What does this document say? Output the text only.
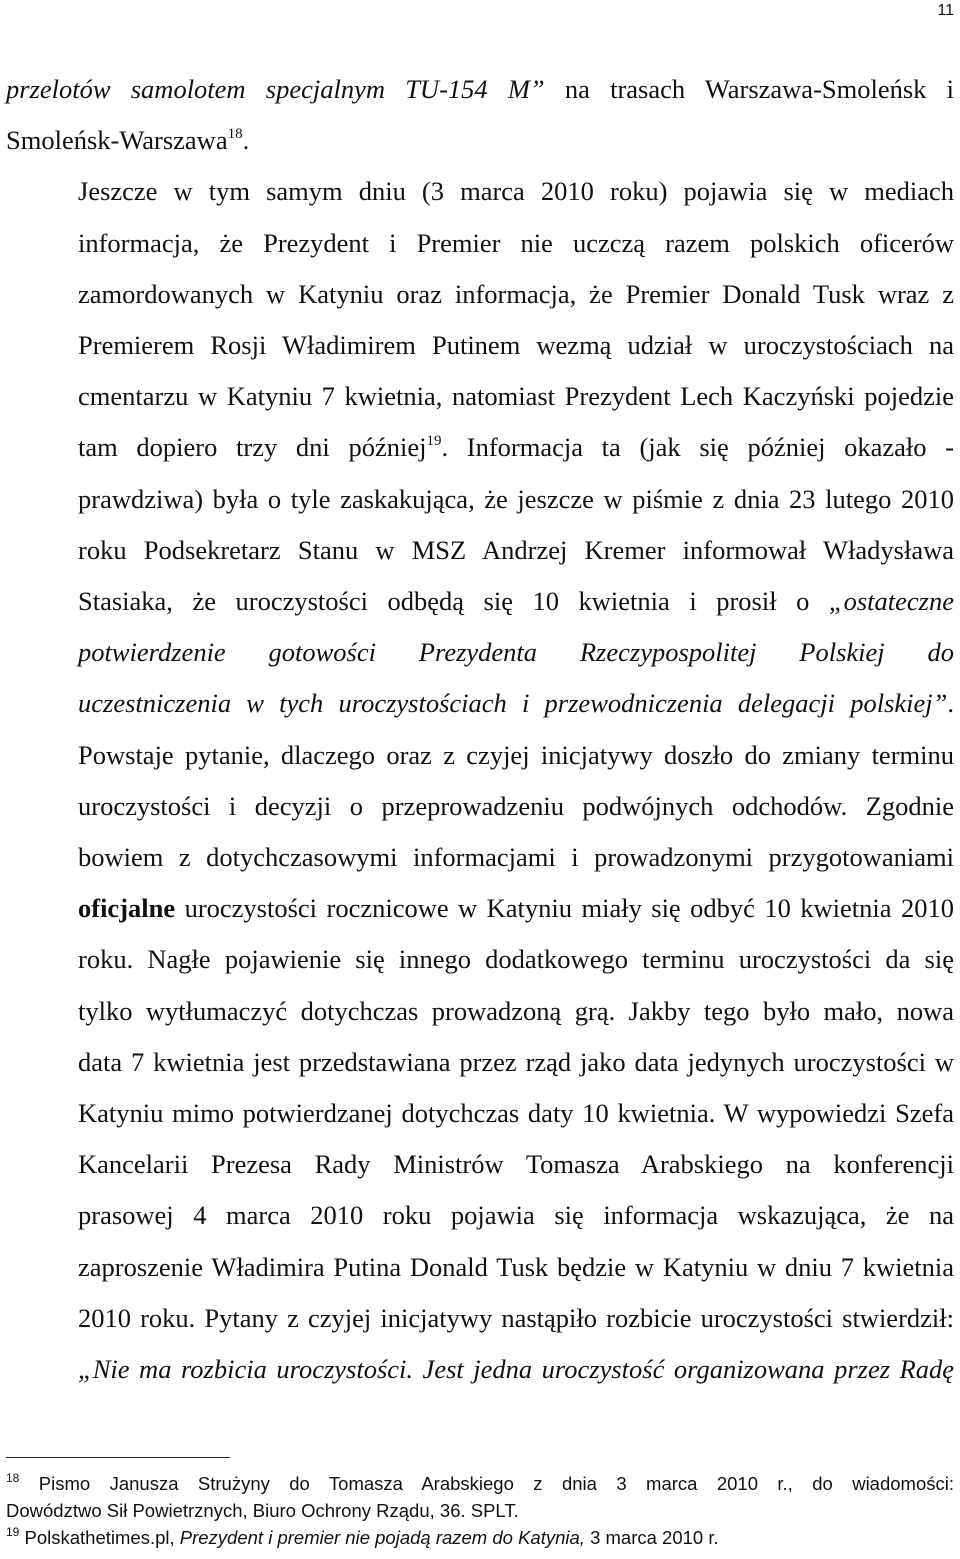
11

przelotów samolotem specjalnym TU-154 M” na trasach Warszawa-Smoleńsk i
Smoleńsk-Warszawa$^{18}$.

Jeszcze w tym samym dniu (3 marca 2010 roku) pojawia się w mediach
informacja, że Prezydent i Premier nie uczczą razem polskich oficerów
zamordowanych w Katyniu oraz informacja, że Premier Donald Tusk wraz z
Premierem Rosji Władimirem Putinem wezmą udział w uroczystościach na
cmentarzu w Katyniu 7 kwietnia, natomiast Prezydent Lech Kaczyński pojedzie
tam dopiero trzy dni później$^{19}$. Informacja ta (jak się później okazało -
prawdziwa) była o tyle zaskakująca, że jeszcze w piśmie z dnia 23 lutego 2010
roku Podsekretarz Stanu w MSZ Andrzej Kremer informował Władysława
Stasiaka, że uroczystości odbędą się 10 kwietnia i prosił o „ostateczne
potwierdzenie gotowości Prezydenta Rzeczypospolitej Polskiej do
uczestniczenia w tych uroczystościach i przewodniczenia delegacji polskiej”.
Powstaje pytanie, dlaczego oraz z czyjej inicjatywy doszło do zmiany terminu
uroczystości i decyzji o przeprowadzeniu podwójnych odchodów. Zgodnie
bowiem z dotychczasowymi informacjami i prowadzonymi przygotowaniami
oficjalne uroczystości rocznicowe w Katyniu miały się odbyć 10 kwietnia 2010
roku. Nagłe pojawienie się innego dodatkowego terminu uroczystości da się
tylko wytłumaczyć dotychczas prowadzoną grą. Jakby tego było mało, nowa
data 7 kwietnia jest przedstawiana przez rząd jako data jedynych uroczystości w
Katyniu mimo potwierdzanej dotychczas daty 10 kwietnia. W wypowiedzi Szefa
Kancelarii Prezesa Rady Ministrów Tomasza Arabskiego na konferencji
prasowej 4 marca 2010 roku pojawia się informacja wskazująca, że na
zaproszenie Władimira Putina Donald Tusk będzie w Katyniu w dniu 7 kwietnia
2010 roku. Pytany z czyjej inicjatywy nastąpiło rozbicie uroczystości stwierdził:
„Nie ma rozbicia uroczystości. Jest jedna uroczystość organizowana przez Radę

$^{18}$ Pismo Janusza Strużyny do Tomasza Arabskiego z dnia 3 marca 2010 r., do wiadomości:
Dowództwo Sił Powietrznych, Biuro Ochrony Rządu, 36. SPLT.
$^{19}$ Polskathetimes.pl, Prezydent i premier nie pojadą razem do Katynia, 3 marca 2010 r.
